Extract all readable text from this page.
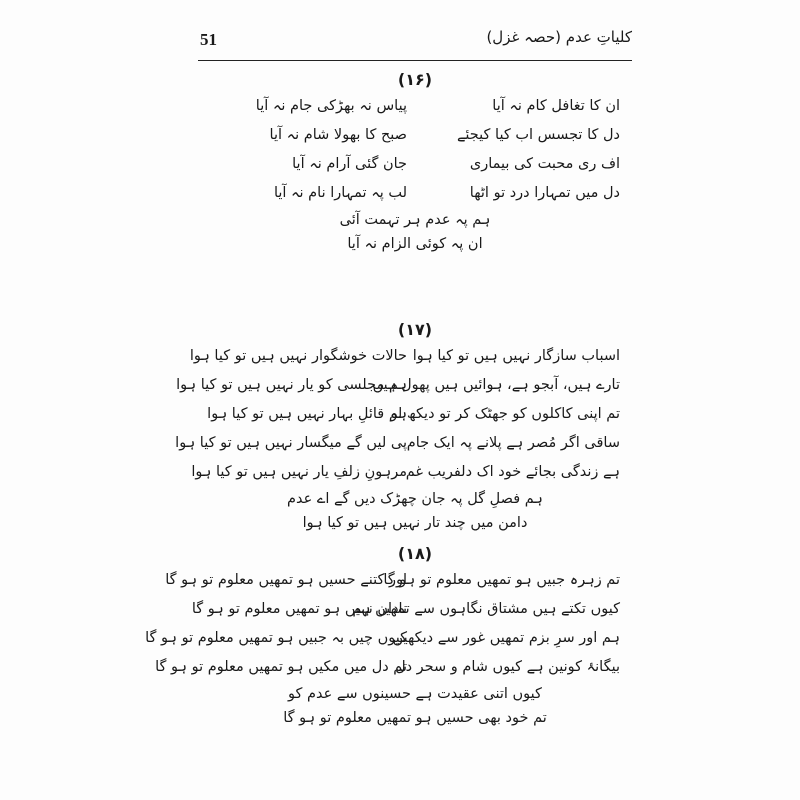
51	کلیاتِ عدم (حصہ غزل)
(۱۶)
ان کا تغافل کام نہ آیا
پیاس نہ بھڑکی جام نہ آیا
دل کا تجسس اب کیا کیجئے
صبح کا بھولا شام نہ آیا
اف ری محبت کی بیماری
جان گئی آرام نہ آیا
دل میں تمہارا درد تو اٹھا
لب پہ تمہارا نام نہ آیا
ہم پہ عدم ہر تہمت آئی
ان پہ کوئی الزام نہ آیا
(۱۷)
اسباب سازگار نہیں ہیں تو کیا ہوا
حالات خوشگوار نہیں ہیں تو کیا ہوا
تارے ہیں، آبجو ہے، ہوائیں ہیں پھول ہیں
ہم مجلسی کو یار نہیں ہیں تو کیا ہوا
تم اپنی کاکلوں کو جھٹک کر تو دیکھ لو
ہم قائلِ بہار نہیں ہیں تو کیا ہوا
ساقی اگر مُصر ہے پلانے پہ ایک جام
پی لیں گے میگسار نہیں ہیں تو کیا ہوا
ہے زندگی بجائے خود اک دلفریب غم
مرہونِ زلفِ یار نہیں ہیں تو کیا ہوا
ہم فصلِ گل پہ جان چھڑک دیں گے اے عدم
دامن میں چند تار نہیں ہیں تو کیا ہوا
(۱۸)
تم زہرہ جبیں ہو تمھیں معلوم تو ہو گا
اور کتنے حسیں ہو تمھیں معلوم تو ہو گا
کیوں تکتے ہیں مشتاق نگاہوں سے تمھیں ہم
نادان نہیں ہو تمھیں معلوم تو ہو گا
ہم اور سرِ بزم تمھیں غور سے دیکھیں
کیوں چیں بہ جبیں ہو تمھیں معلوم تو ہو گا
بیگانۂ کونین ہے کیوں شام و سحر دل
تم دل میں مکیں ہو تمھیں معلوم تو ہو گا
کیوں اتنی عقیدت ہے حسینوں سے عدم کو
تم خود بھی حسیں ہو تمھیں معلوم تو ہو گا
